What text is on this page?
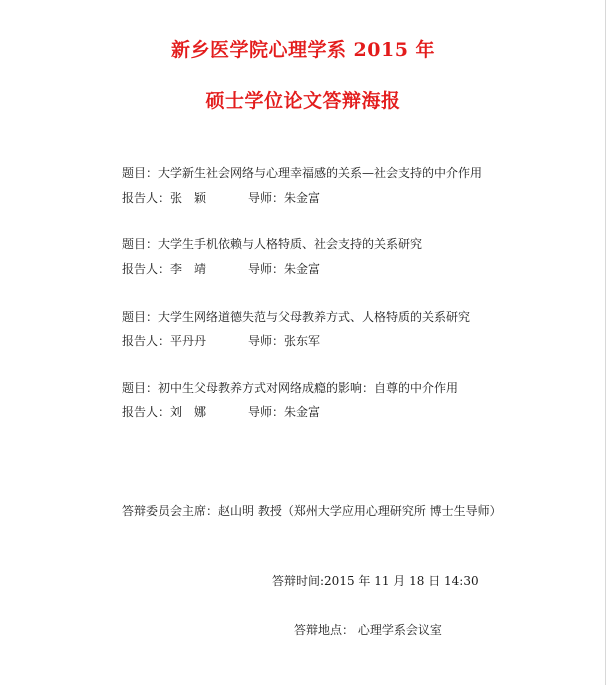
新乡医学院心理学系 2015 年
硕士学位论文答辩海报
题目：大学新生社会网络与心理幸福感的关系—社会支持的中介作用
报告人：张　颖	导师：朱金富
题目：大学生手机依赖与人格特质、社会支持的关系研究
报告人：李　靖	导师：朱金富
题目：大学生网络道德失范与父母教养方式、人格特质的关系研究
报告人：平丹丹	导师：张东军
题目：初中生父母教养方式对网络成瘾的影响：自尊的中介作用
报告人：刘　娜	导师：朱金富
答辩委员会主席：赵山明 教授（郑州大学应用心理研究所 博士生导师）
答辩时间:2015 年 11 月 18 日 14:30
答辩地点： 心理学系会议室
